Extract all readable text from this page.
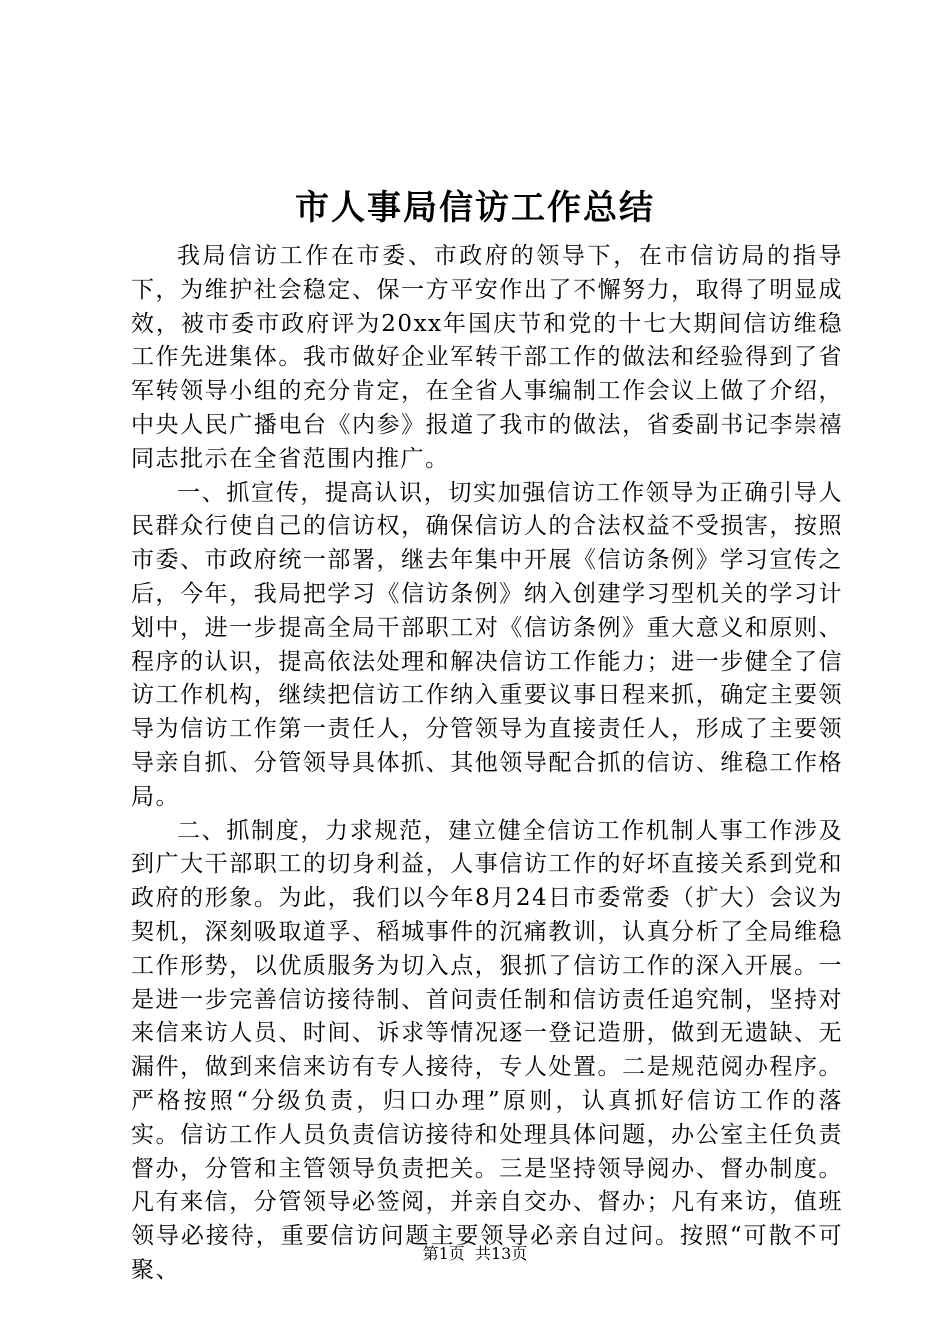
市人事局信访工作总结

我局信访工作在市委、市政府的领导下，在市信访局的指导下，为维护社会稳定、保一方平安作出了不懈努力，取得了明显成效，被市委市政府评为20xx年国庆节和党的十七大期间信访维稳工作先进集体。我市做好企业军转干部工作的做法和经验得到了省军转领导小组的充分肯定，在全省人事编制工作会议上做了介绍，中央人民广播电台《内参》报道了我市的做法，省委副书记李崇禧同志批示在全省范围内推广。

一、抓宣传，提高认识，切实加强信访工作领导为正确引导人民群众行使自己的信访权，确保信访人的合法权益不受损害，按照市委、市政府统一部署，继去年集中开展《信访条例》学习宣传之后，今年，我局把学习《信访条例》纳入创建学习型机关的学习计划中，进一步提高全局干部职工对《信访条例》重大意义和原则、程序的认识，提高依法处理和解决信访工作能力；进一步健全了信访工作机构，继续把信访工作纳入重要议事日程来抓，确定主要领导为信访工作第一责任人，分管领导为直接责任人，形成了主要领导亲自抓、分管领导具体抓、其他领导配合抓的信访、维稳工作格局。

二、抓制度，力求规范，建立健全信访工作机制人事工作涉及到广大干部职工的切身利益，人事信访工作的好坏直接关系到党和政府的形象。为此，我们以今年8月24日市委常委（扩大）会议为契机，深刻吸取道孚、稻城事件的沉痛教训，认真分析了全局维稳工作形势，以优质服务为切入点，狠抓了信访工作的深入开展。一是进一步完善信访接待制、首问责任制和信访责任追究制，坚持对来信来访人员、时间、诉求等情况逐一登记造册，做到无遗缺、无漏件，做到来信来访有专人接待，专人处置。二是规范阅办程序。严格按照“分级负责，归口办理”原则，认真抓好信访工作的落实。信访工作人员负责信访接待和处理具体问题，办公室主任负责督办，分管和主管领导负责把关。三是坚持领导阅办、督办制度。凡有来信，分管领导必签阅，并亲自交办、督办；凡有来访，值班领导必接待，重要信访问题主要领导必亲自过问。按照“可散不可聚、

第1页 共13页
